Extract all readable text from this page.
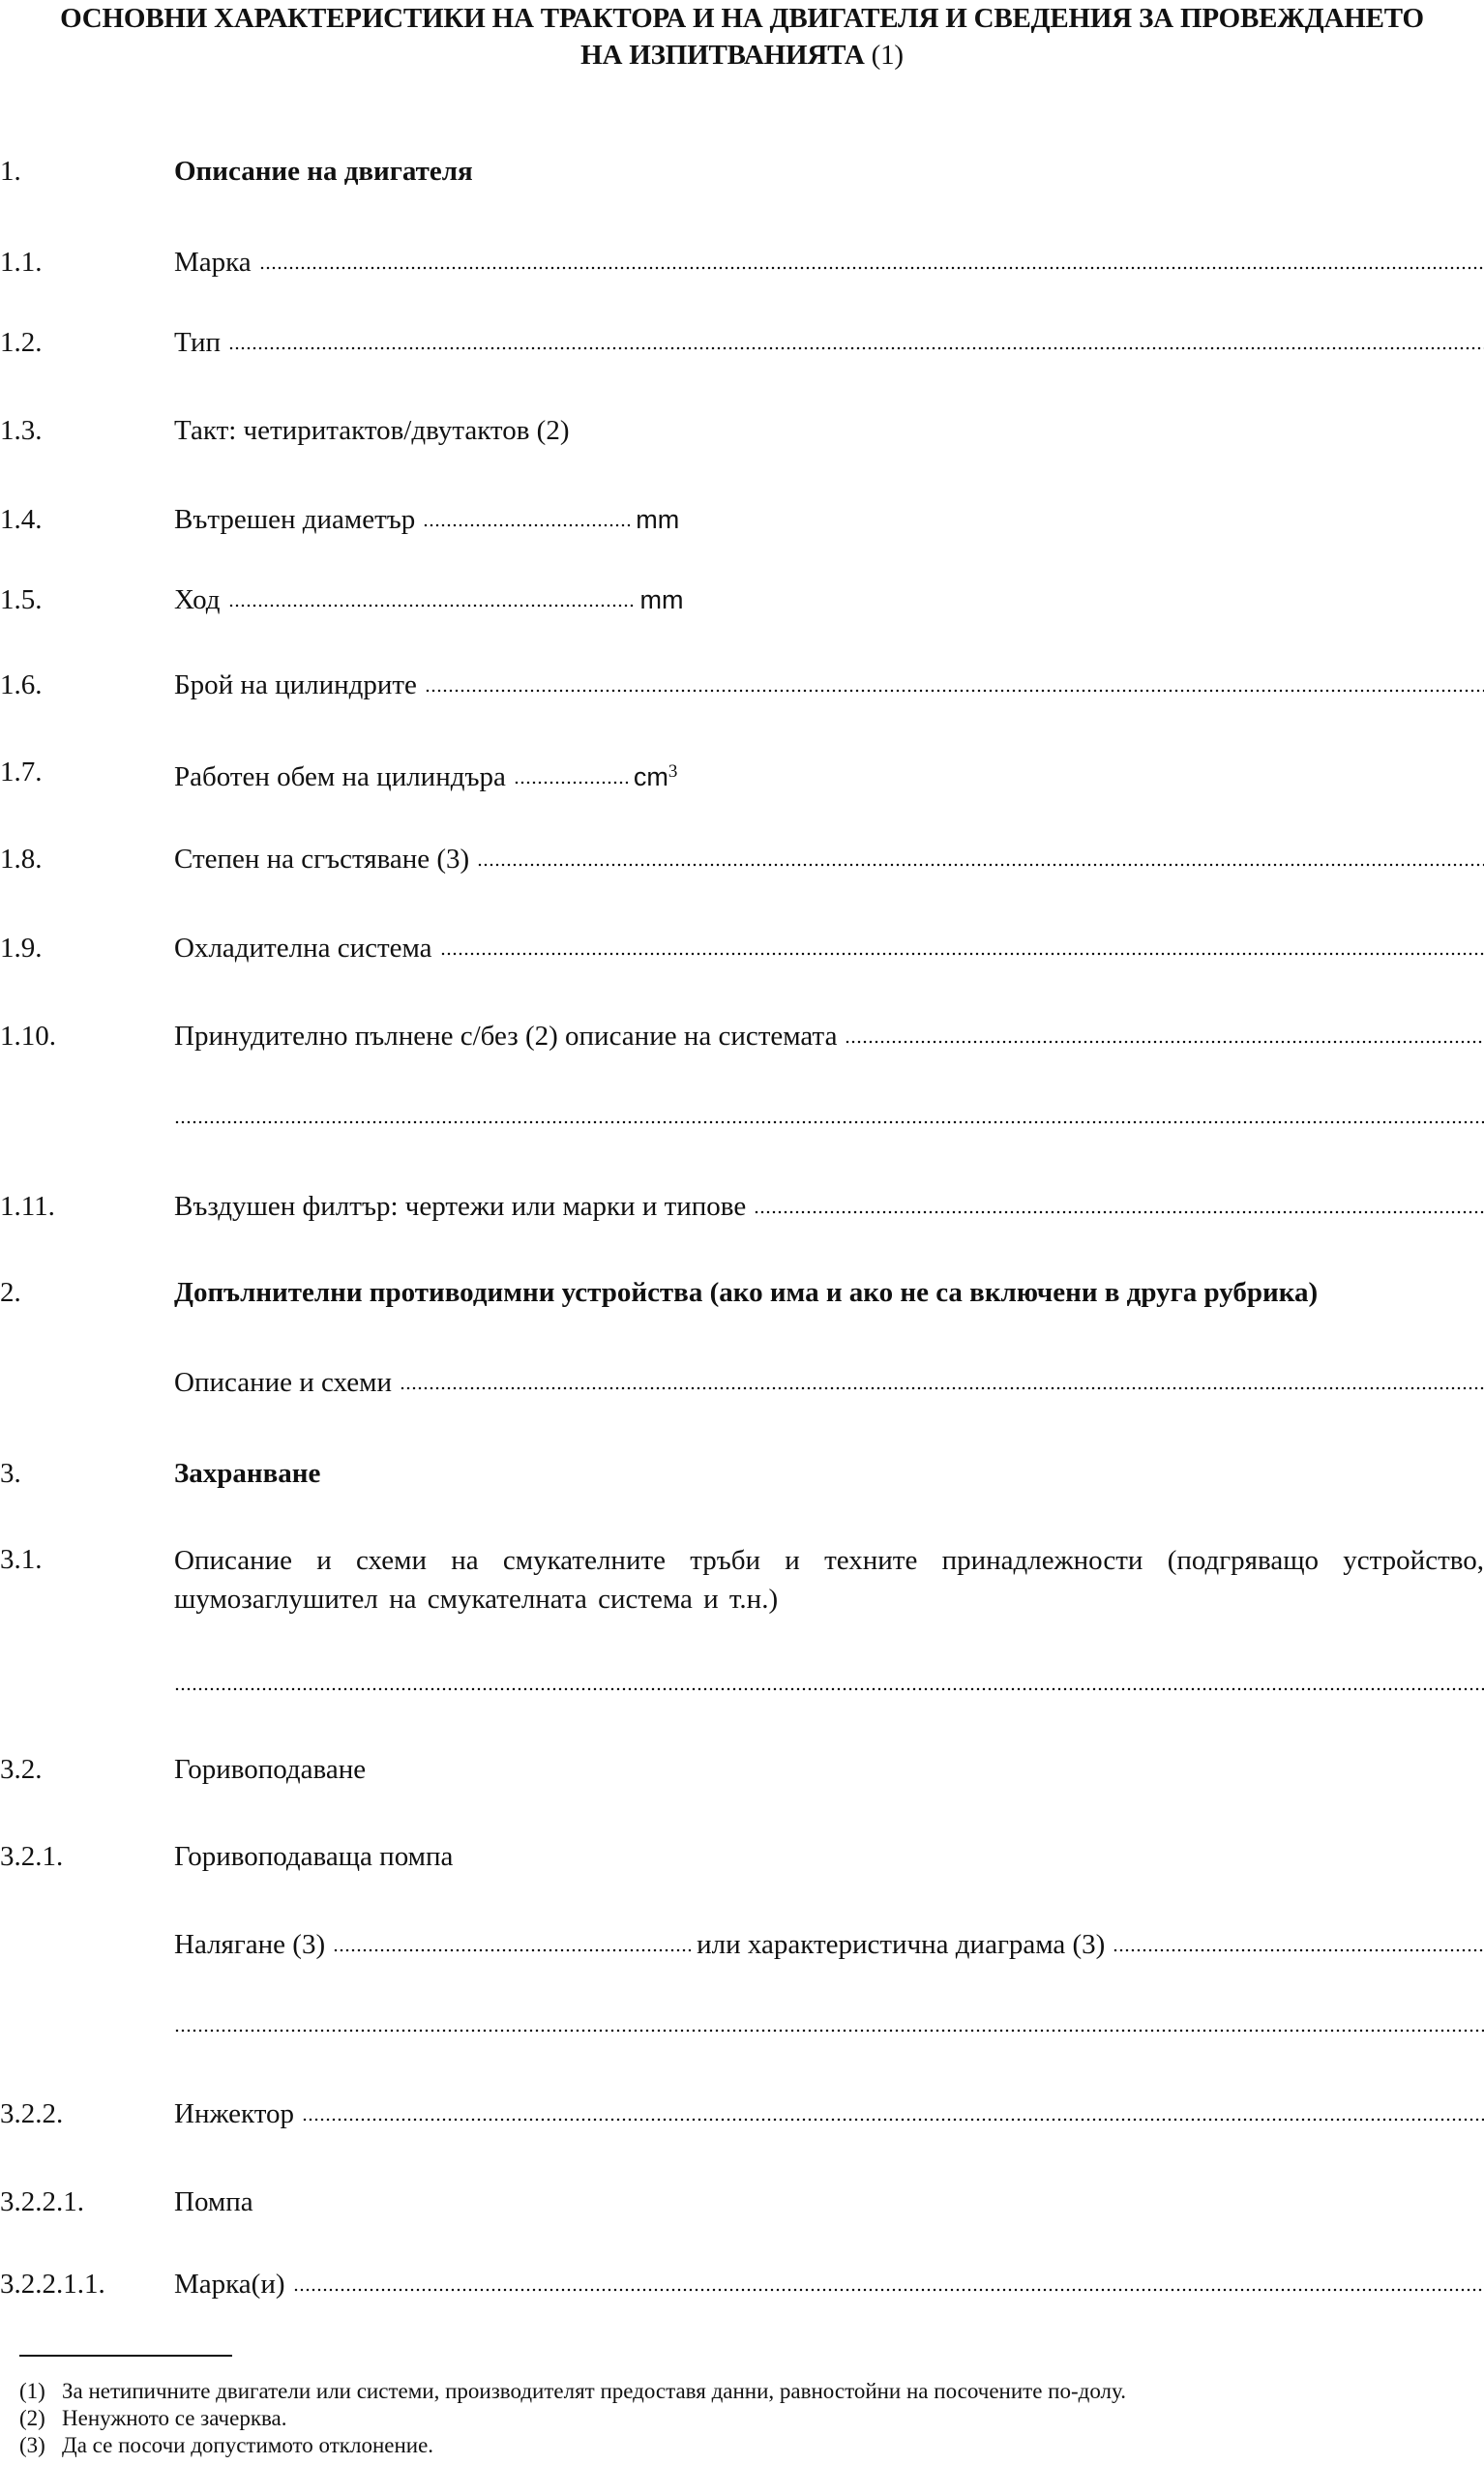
ОСНОВНИ ХАРАКТЕРИСТИКИ НА ТРАКТОРА И НА ДВИГАТЕЛЯ И СВЕДЕНИЯ ЗА ПРОВЕЖДАНЕТО
НА ИЗПИТВАНИЯТА (1)
1.	Описание на двигателя
1.1.	Марка
1.2.	Тип
1.3.	Такт: четиритактов/двутактов (2)
1.4.	Вътрешен диаметър	mm
1.5.	Ход	mm
1.6.	Брой на цилиндрите
1.7.	Работен обем на цилиндъра	$cm^3$
1.8.	Степен на сгъстяване (3)
1.9.	Охладителна система
1.10.	Принудително пълнене с/без (2) описание на системата
1.11.	Въздушен филтър: чертежи или марки и типове
2.	Допълнителни противодимни устройства (ако има и ако не са включени в друга рубрика)
Описание и схеми
3.	Захранване
3.1.	Описание и схеми на смукателните тръби и техните принадлежности (подгряващо устройство, шумозаглушител на смукателната система и т.н.)
3.2.	Горивоподаване
3.2.1.	Горивоподаваща помпа
Налягане (3)	или характеристична диаграма (3)
3.2.2.	Инжектор
3.2.2.1.	Помпа
3.2.2.1.1. Марка(и)
(1) За нетипичните двигатели или системи, производителят предоставя данни, равностойни на посочените по-долу.
(2) Ненужното се зачерква.
(3) Да се посочи допустимото отклонение.
